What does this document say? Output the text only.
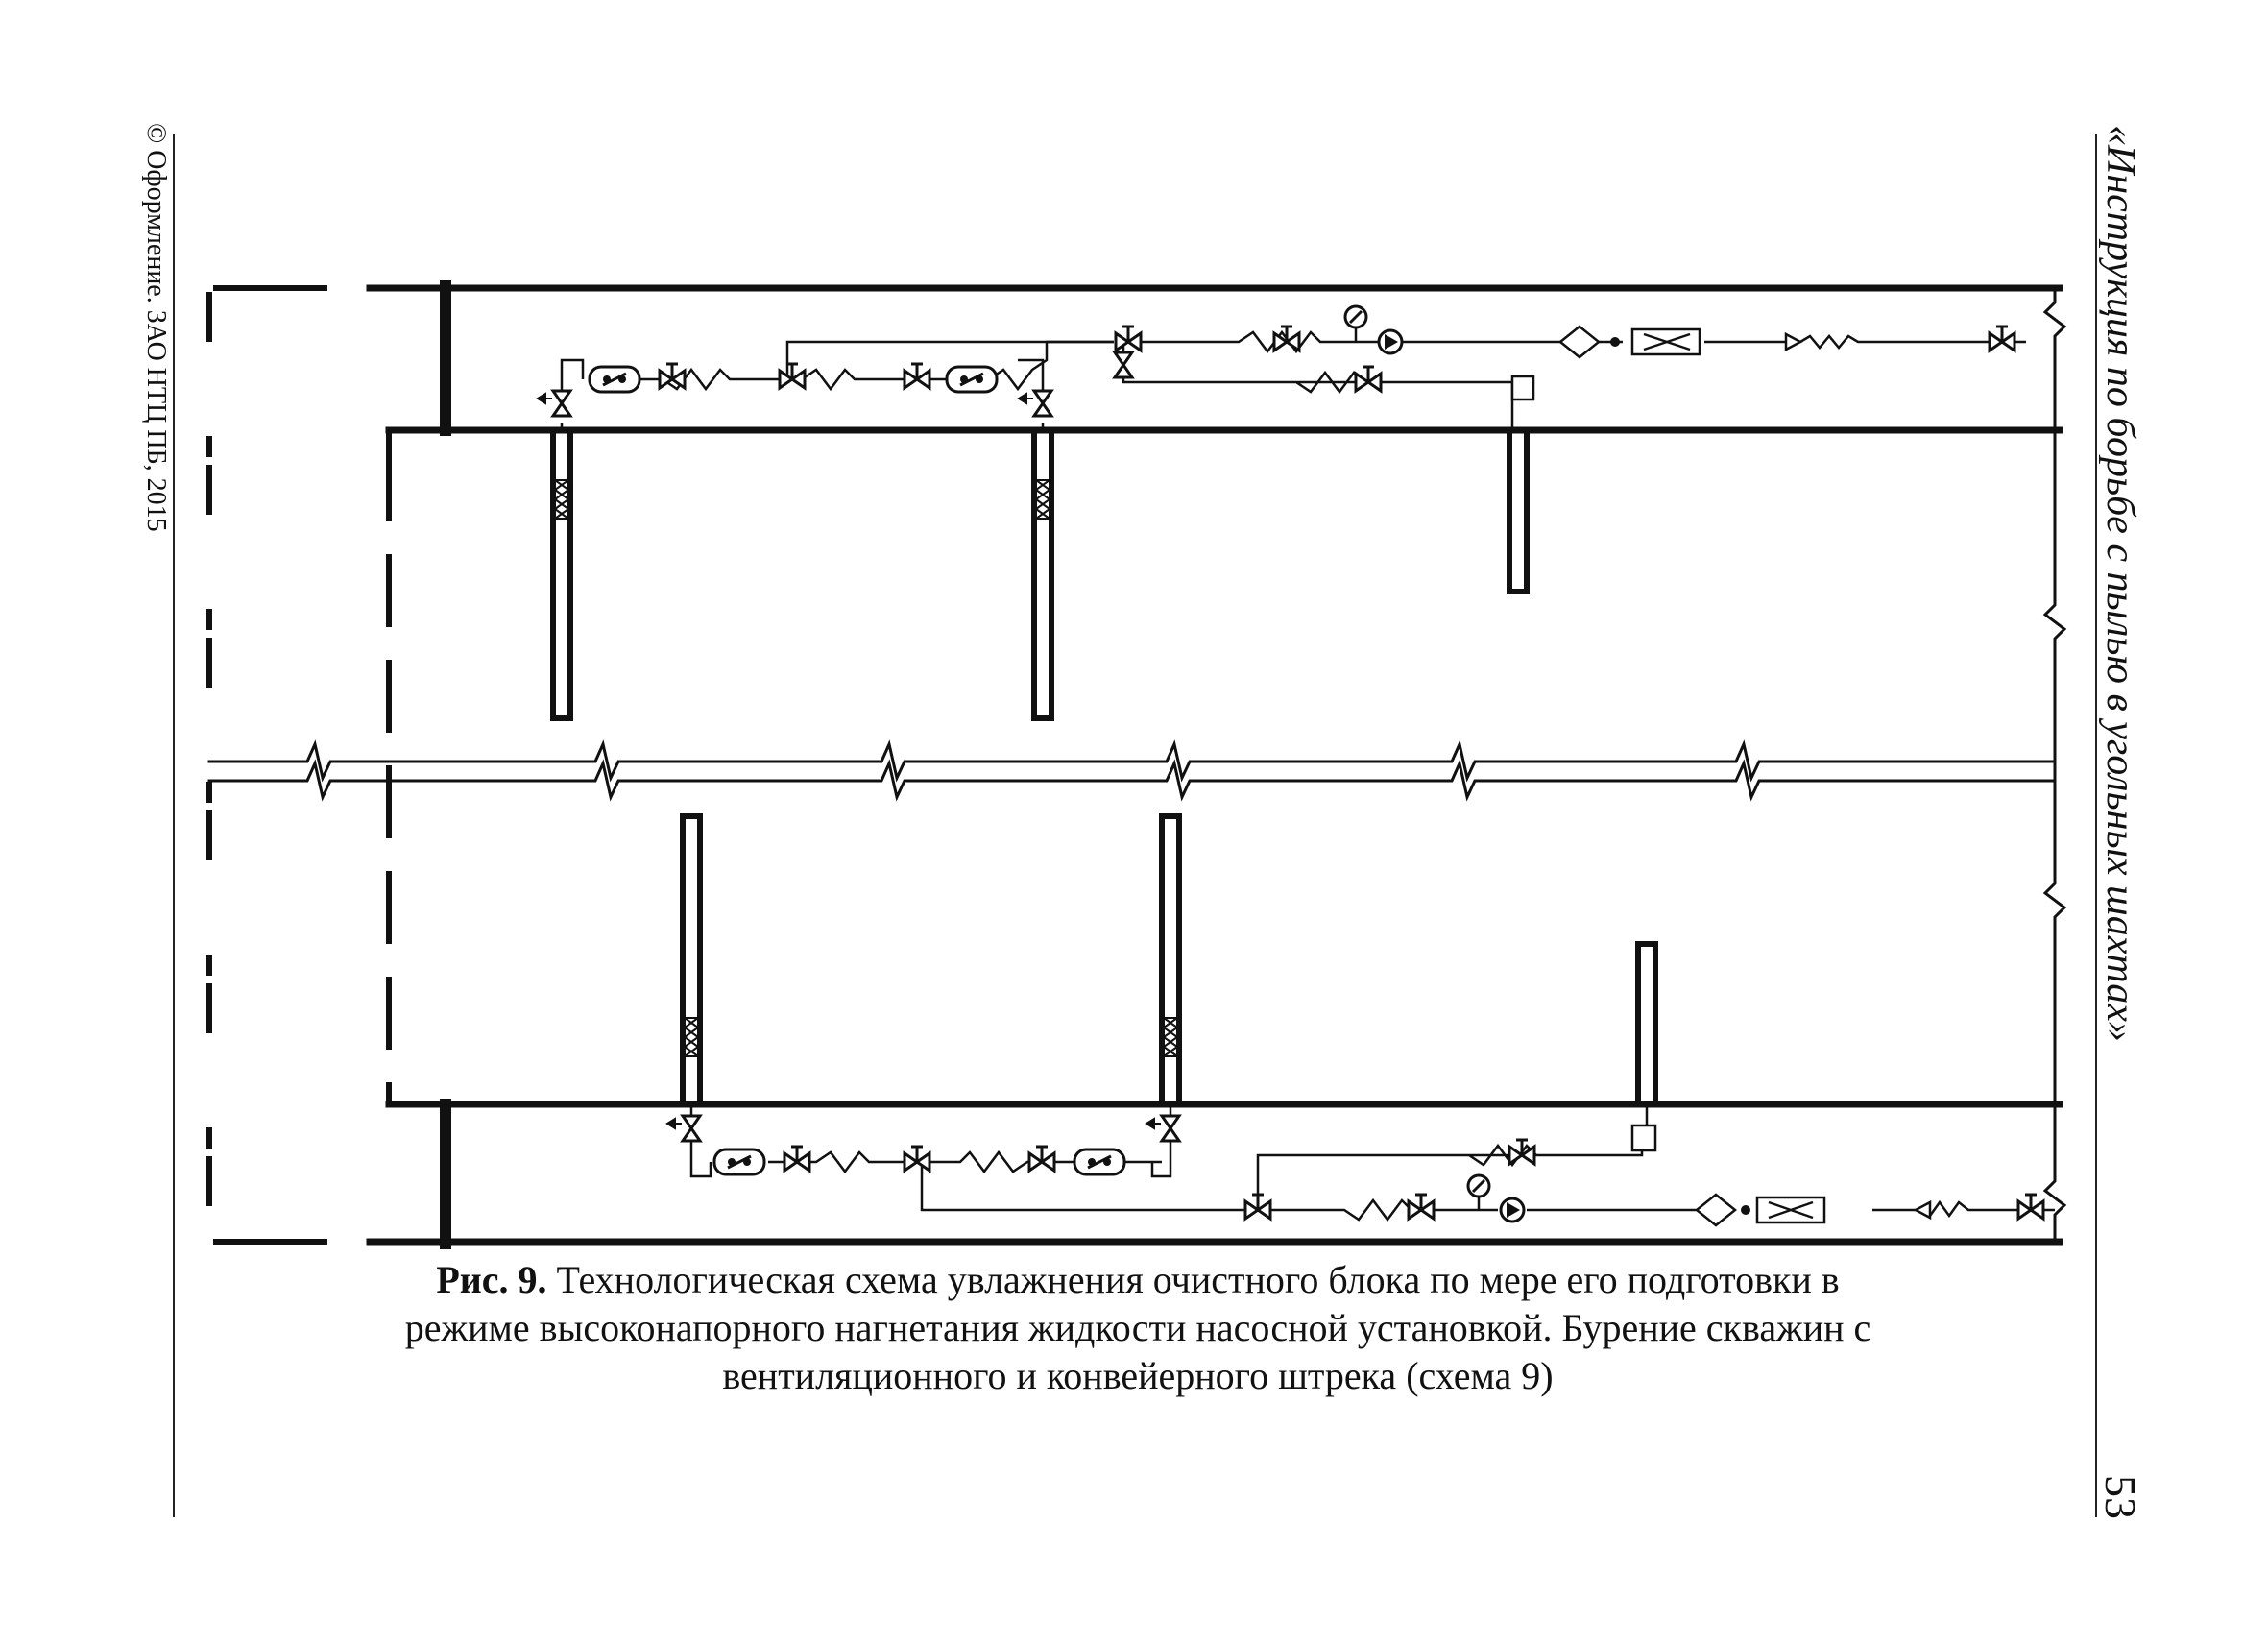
«Инструкция по борьбе с пылью в угольных шахтах»
53
© Оформление. ЗАО НТЦ ПБ, 2015
Рис. 9. Технологическая схема увлажнения очистного блока по мере его подготовки в
режиме высоконапорного нагнетания жидкости насосной установкой. Бурение скважин с
вентиляционного и конвейерного штрека (схема 9)
